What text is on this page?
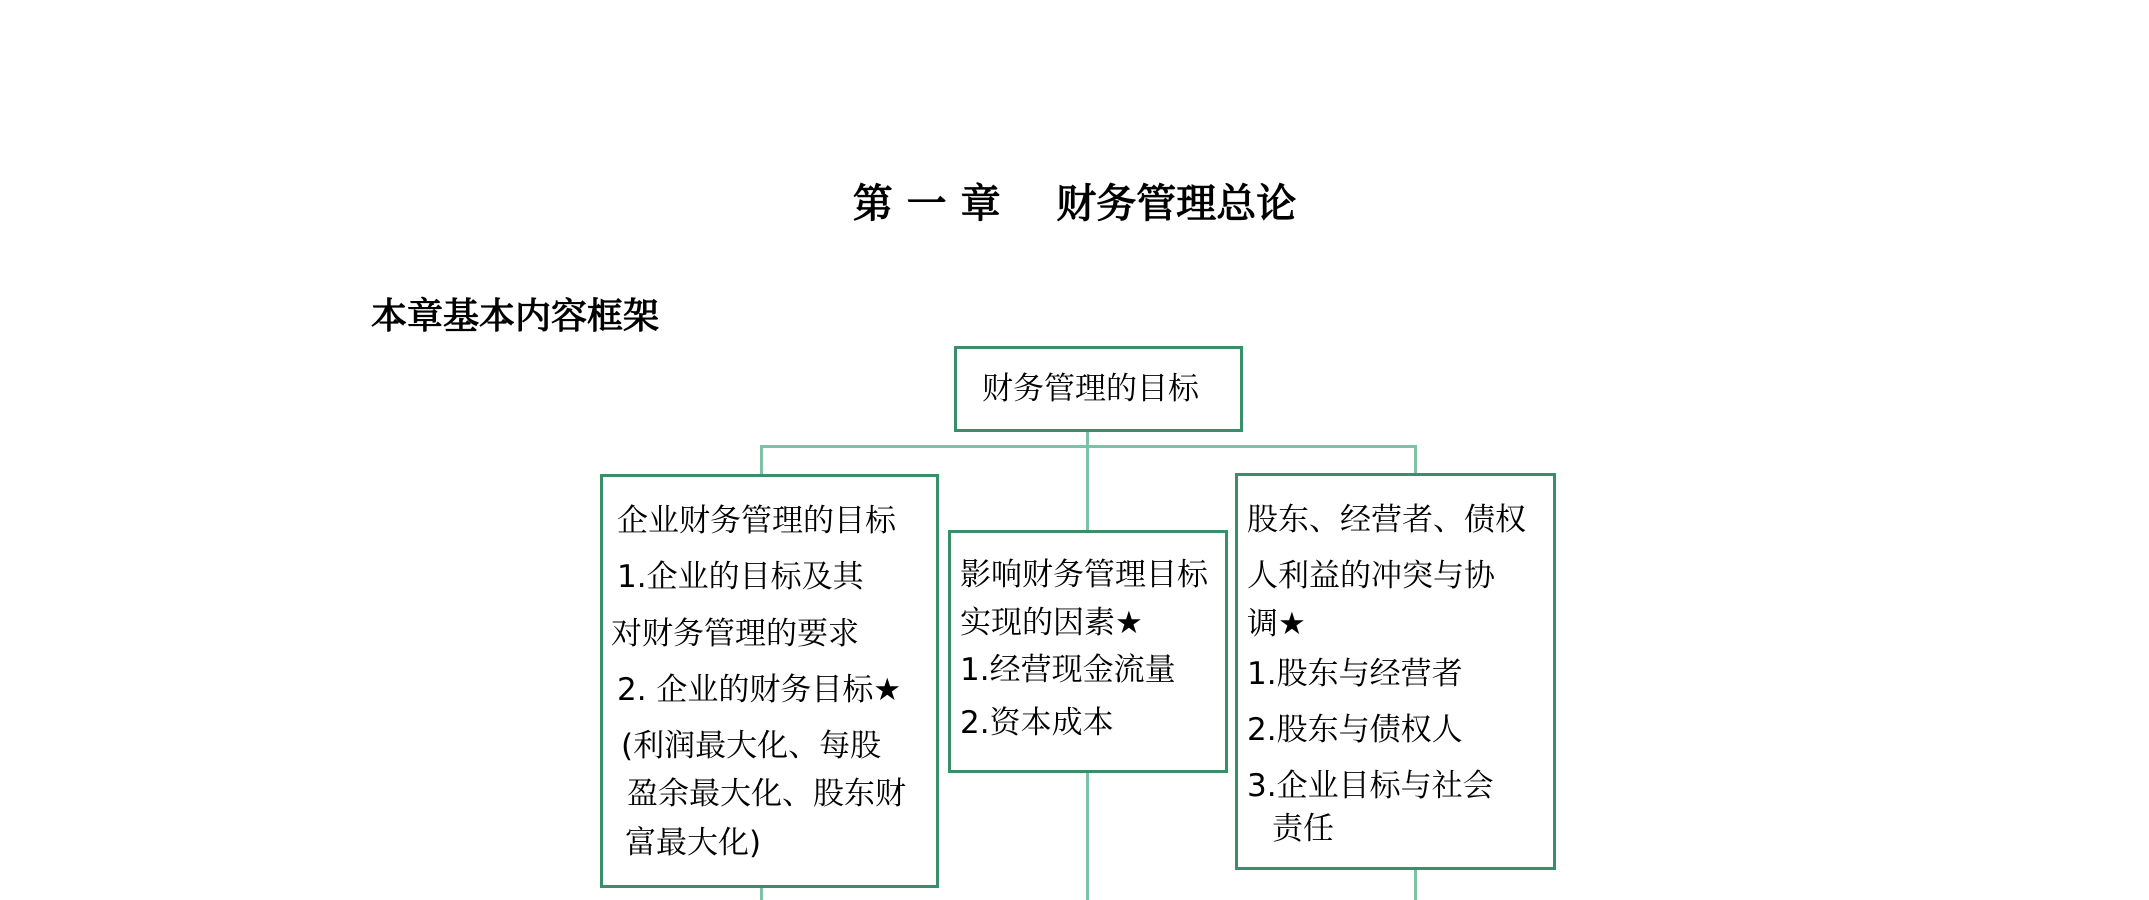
第 一 章    财务管理总论
本章基本内容框架
财务管理的目标
企业财务管理的目标
1.企业的目标及其
对财务管理的要求
2. 企业的财务目标★
(利润最大化、每股
盈余最大化、股东财
富最大化)
影响财务管理目标
实现的因素★
1.经营现金流量
2.资本成本
股东、经营者、债权
人利益的冲突与协
调★
1.股东与经营者
2.股东与债权人
3.企业目标与社会
责任
